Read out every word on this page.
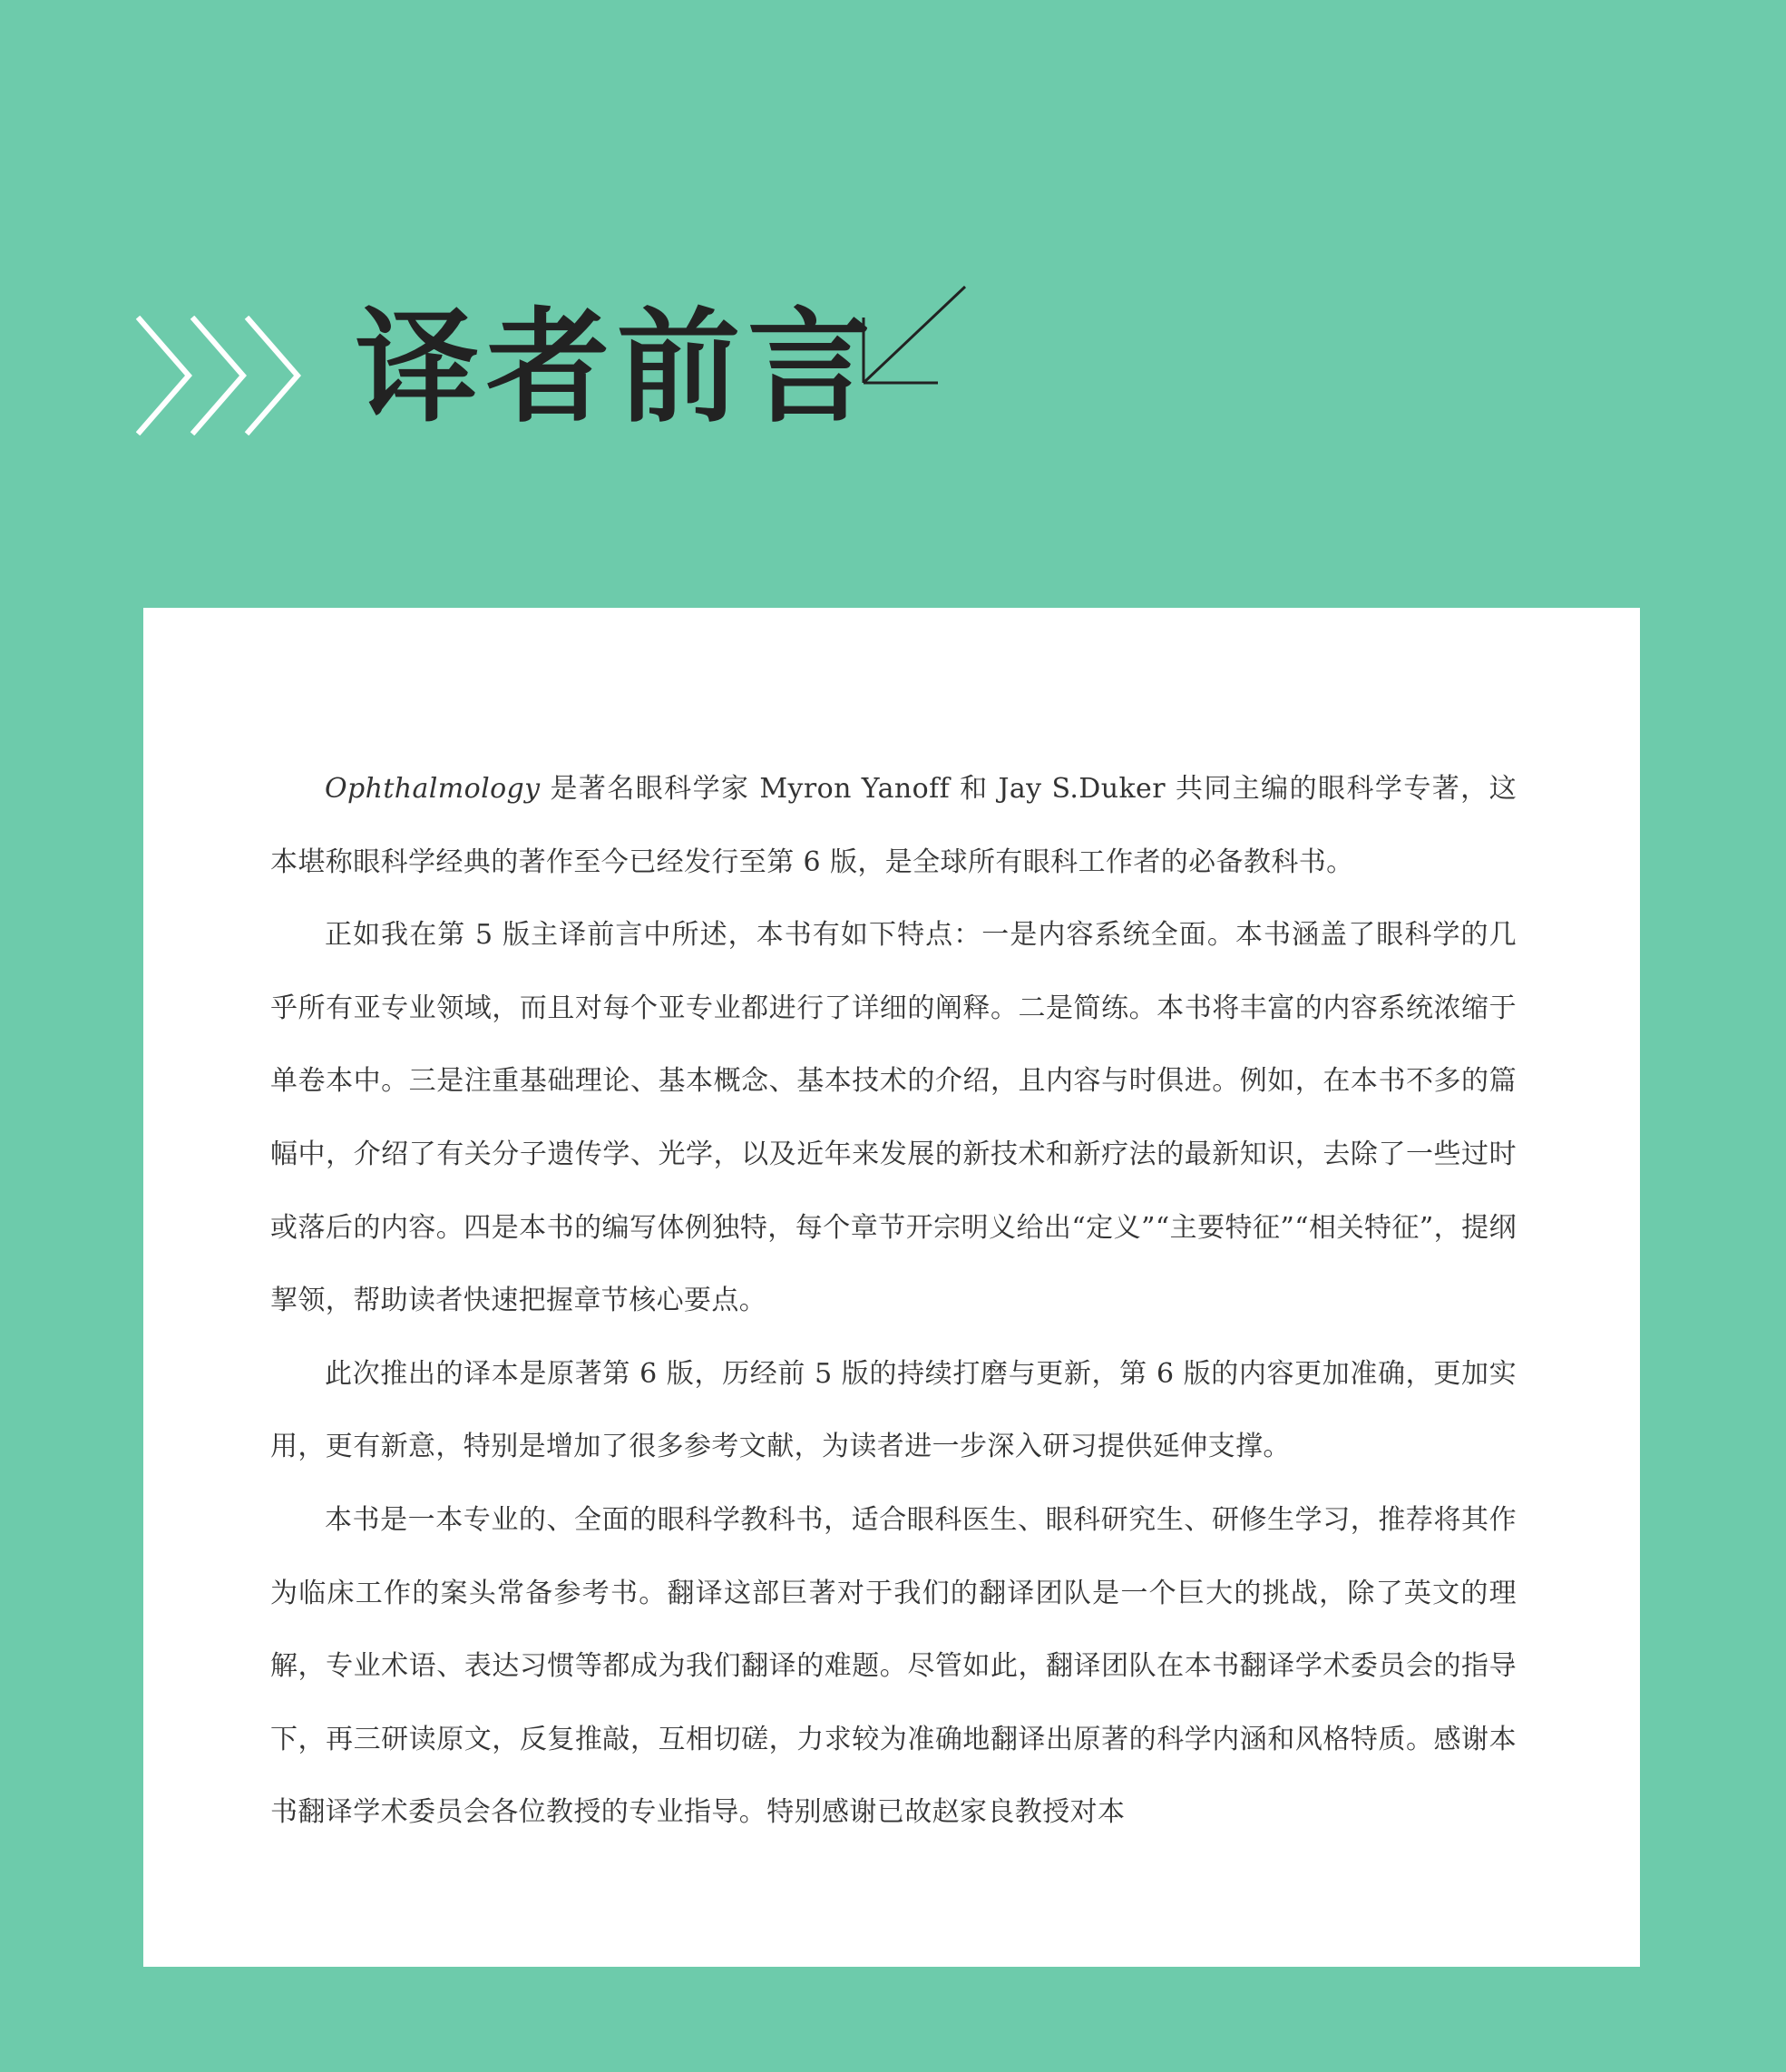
译者前言

Ophthalmology 是著名眼科学家 Myron Yanoff 和 Jay S.Duker 共同主编的眼科学专著，这本堪称眼科学经典的著作至今已经发行至第 6 版，是全球所有眼科工作者的必备教科书。

正如我在第 5 版主译前言中所述，本书有如下特点：一是内容系统全面。本书涵盖了眼科学的几乎所有亚专业领域，而且对每个亚专业都进行了详细的阐释。二是简练。本书将丰富的内容系统浓缩于单卷本中。三是注重基础理论、基本概念、基本技术的介绍，且内容与时俱进。例如，在本书不多的篇幅中，介绍了有关分子遗传学、光学，以及近年来发展的新技术和新疗法的最新知识，去除了一些过时或落后的内容。四是本书的编写体例独特，每个章节开宗明义给出“定义”“主要特征”“相关特征”，提纲挈领，帮助读者快速把握章节核心要点。

此次推出的译本是原著第 6 版，历经前 5 版的持续打磨与更新，第 6 版的内容更加准确，更加实用，更有新意，特别是增加了很多参考文献，为读者进一步深入研习提供延伸支撑。

本书是一本专业的、全面的眼科学教科书，适合眼科医生、眼科研究生、研修生学习，推荐将其作为临床工作的案头常备参考书。翻译这部巨著对于我们的翻译团队是一个巨大的挑战，除了英文的理解，专业术语、表达习惯等都成为我们翻译的难题。尽管如此，翻译团队在本书翻译学术委员会的指导下，再三研读原文，反复推敲，互相切磋，力求较为准确地翻译出原著的科学内涵和风格特质。感谢本书翻译学术委员会各位教授的专业指导。特别感谢已故赵家良教授对本
